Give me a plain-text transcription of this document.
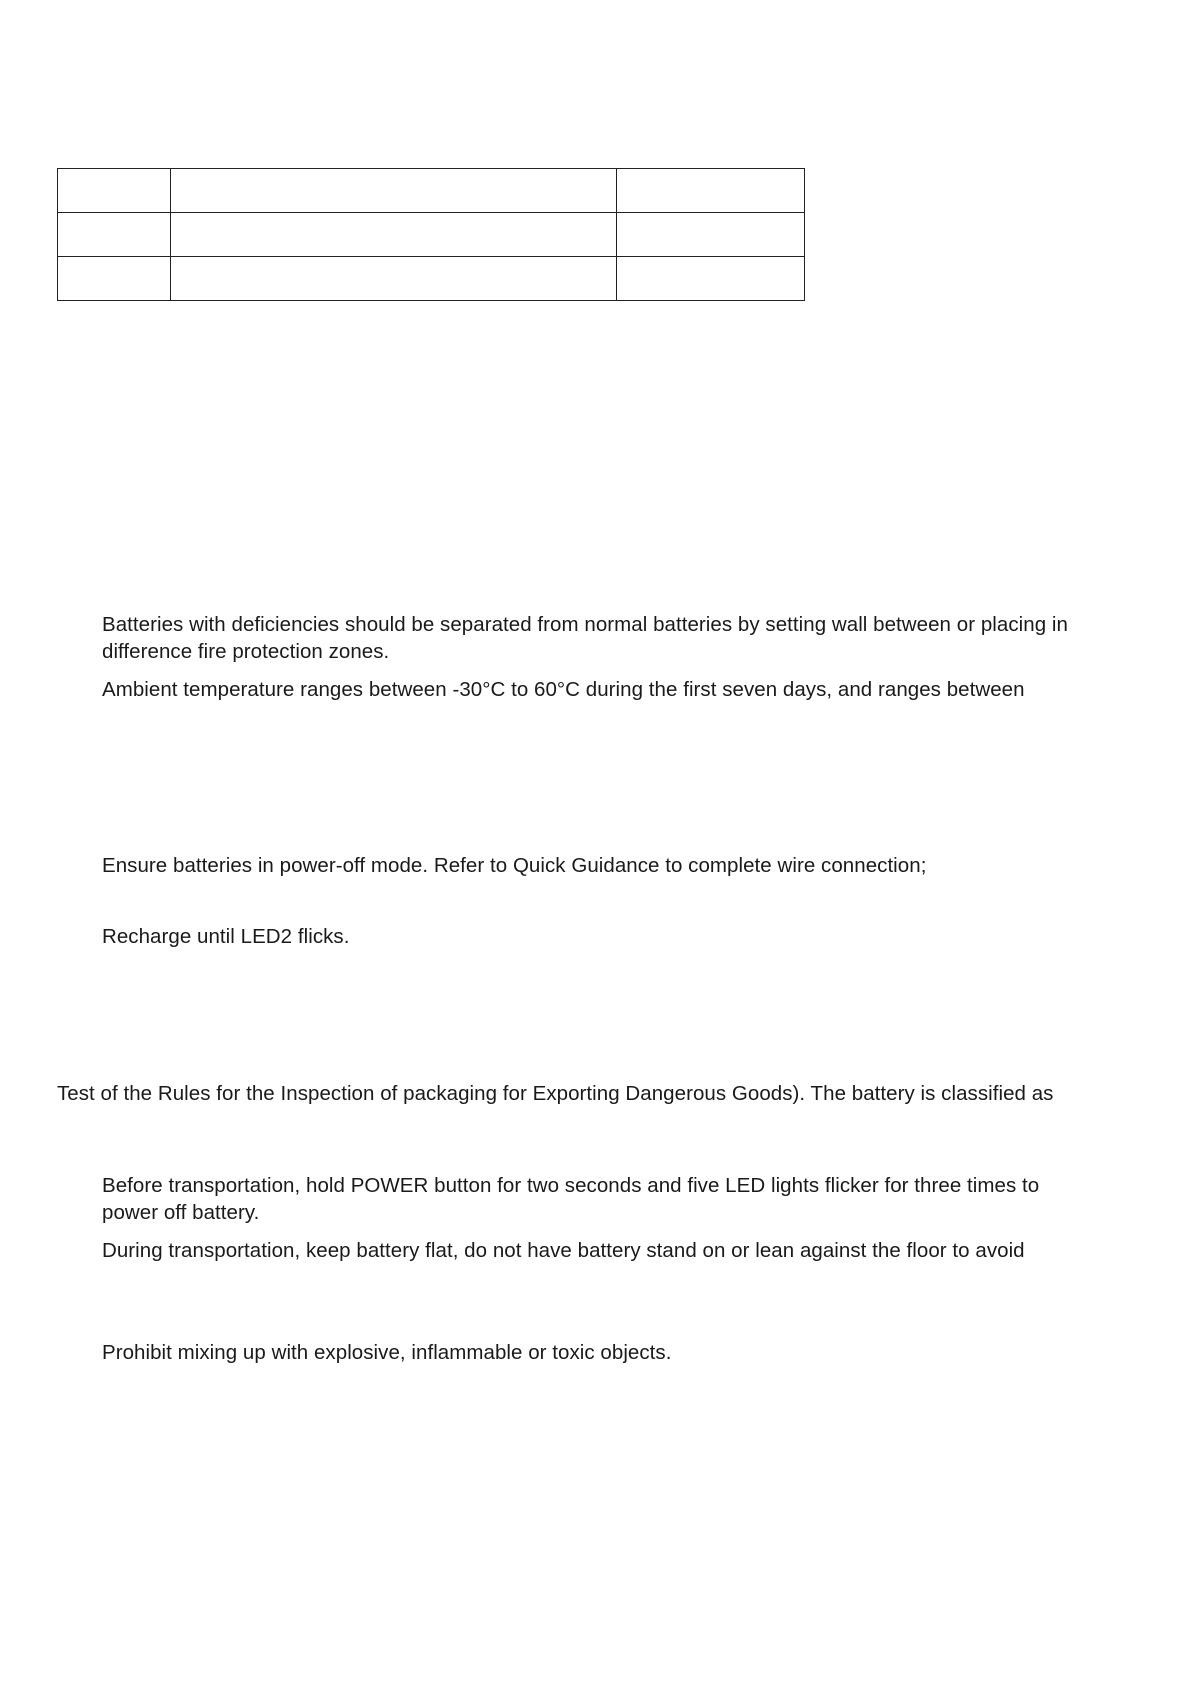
Batteries with deficiencies should be separated from normal batteries by setting wall between or placing in
difference fire protection zones.
Ambient temperature ranges between -30°C to 60°C during the first seven days, and ranges between
Ensure batteries in power-off mode. Refer to Quick Guidance to complete wire connection;
Recharge until LED2 flicks.
Test of the Rules for the Inspection of packaging for Exporting Dangerous Goods). The battery is classified as
Before transportation, hold POWER button for two seconds and five LED lights flicker for three times to
power off battery.
During transportation, keep battery flat, do not have battery stand on or lean against the floor to avoid
Prohibit mixing up with explosive, inflammable or toxic objects.
